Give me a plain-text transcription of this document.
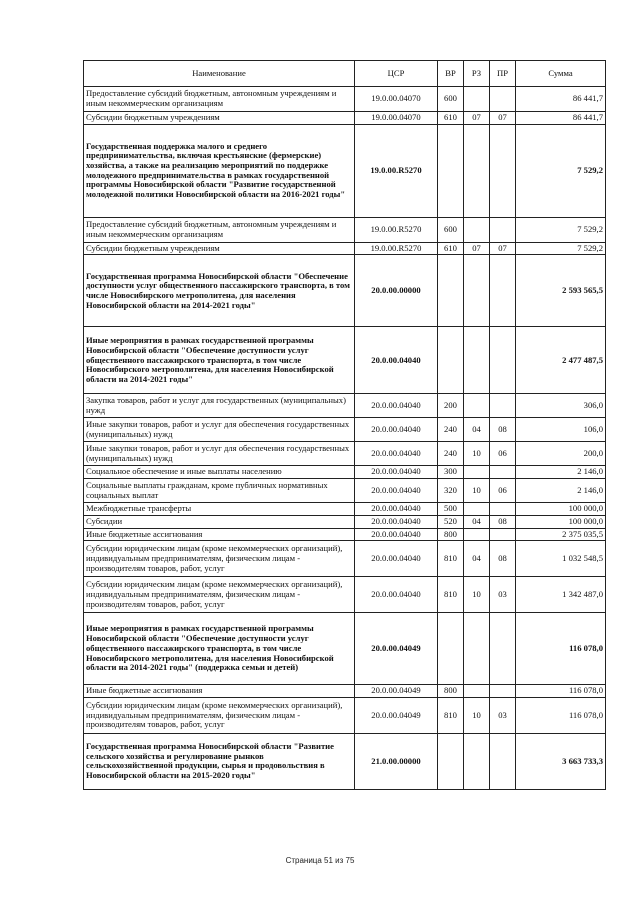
Наименование	ЦСР	ВР	РЗ	ПР	Сумма
Предоставление субсидий бюджетным, автономным учреждениям и иным некоммерческим организациям	19.0.00.04070	600			86 441,7
Субсидии бюджетным учреждениям	19.0.00.04070	610	07	07	86 441,7
Государственная поддержка малого и среднего предпринимательства, включая крестьянские (фермерские) хозяйства, а также на реализацию мероприятий по поддержке молодежного предпринимательства в рамках государственной программы Новосибирской области "Развитие государственной молодежной политики Новосибирской области на 2016-2021 годы"	19.0.00.R5270				7 529,2
Предоставление субсидий бюджетным, автономным учреждениям и иным некоммерческим организациям	19.0.00.R5270	600			7 529,2
Субсидии бюджетным учреждениям	19.0.00.R5270	610	07	07	7 529,2
Государственная программа Новосибирской области "Обеспечение доступности услуг общественного пассажирского транспорта, в том числе Новосибирского метрополитена, для населения Новосибирской области на 2014-2021 годы"	20.0.00.00000				2 593 565,5
Иные мероприятия в рамках государственной программы Новосибирской области "Обеспечение доступности услуг общественного пассажирского транспорта, в том числе Новосибирского метрополитена, для населения Новосибирской области на 2014-2021 годы"	20.0.00.04040				2 477 487,5
Закупка товаров, работ и услуг для государственных (муниципальных) нужд	20.0.00.04040	200			306,0
Иные закупки товаров, работ и услуг для обеспечения государственных (муниципальных) нужд	20.0.00.04040	240	04	08	106,0
Иные закупки товаров, работ и услуг для обеспечения государственных (муниципальных) нужд	20.0.00.04040	240	10	06	200,0
Социальное обеспечение и иные выплаты населению	20.0.00.04040	300			2 146,0
Социальные выплаты гражданам, кроме публичных нормативных социальных выплат	20.0.00.04040	320	10	06	2 146,0
Межбюджетные трансферты	20.0.00.04040	500			100 000,0
Субсидии	20.0.00.04040	520	04	08	100 000,0
Иные бюджетные ассигнования	20.0.00.04040	800			2 375 035,5
Субсидии юридическим лицам (кроме некоммерческих организаций), индивидуальным предпринимателям, физическим лицам - производителям товаров, работ, услуг	20.0.00.04040	810	04	08	1 032 548,5
Субсидии юридическим лицам (кроме некоммерческих организаций), индивидуальным предпринимателям, физическим лицам - производителям товаров, работ, услуг	20.0.00.04040	810	10	03	1 342 487,0
Иные мероприятия в рамках государственной программы Новосибирской области "Обеспечение доступности услуг общественного пассажирского транспорта, в том числе Новосибирского метрополитена, для населения Новосибирской области на 2014-2021 годы" (поддержка семьи и детей)	20.0.00.04049				116 078,0
Иные бюджетные ассигнования	20.0.00.04049	800			116 078,0
Субсидии юридическим лицам (кроме некоммерческих организаций), индивидуальным предпринимателям, физическим лицам - производителям товаров, работ, услуг	20.0.00.04049	810	10	03	116 078,0
Государственная программа Новосибирской области "Развитие сельского хозяйства и регулирование рынков сельскохозяйственной продукции, сырья и продовольствия в Новосибирской области на 2015-2020 годы"	21.0.00.00000				3 663 733,3
Страница 51 из 75
